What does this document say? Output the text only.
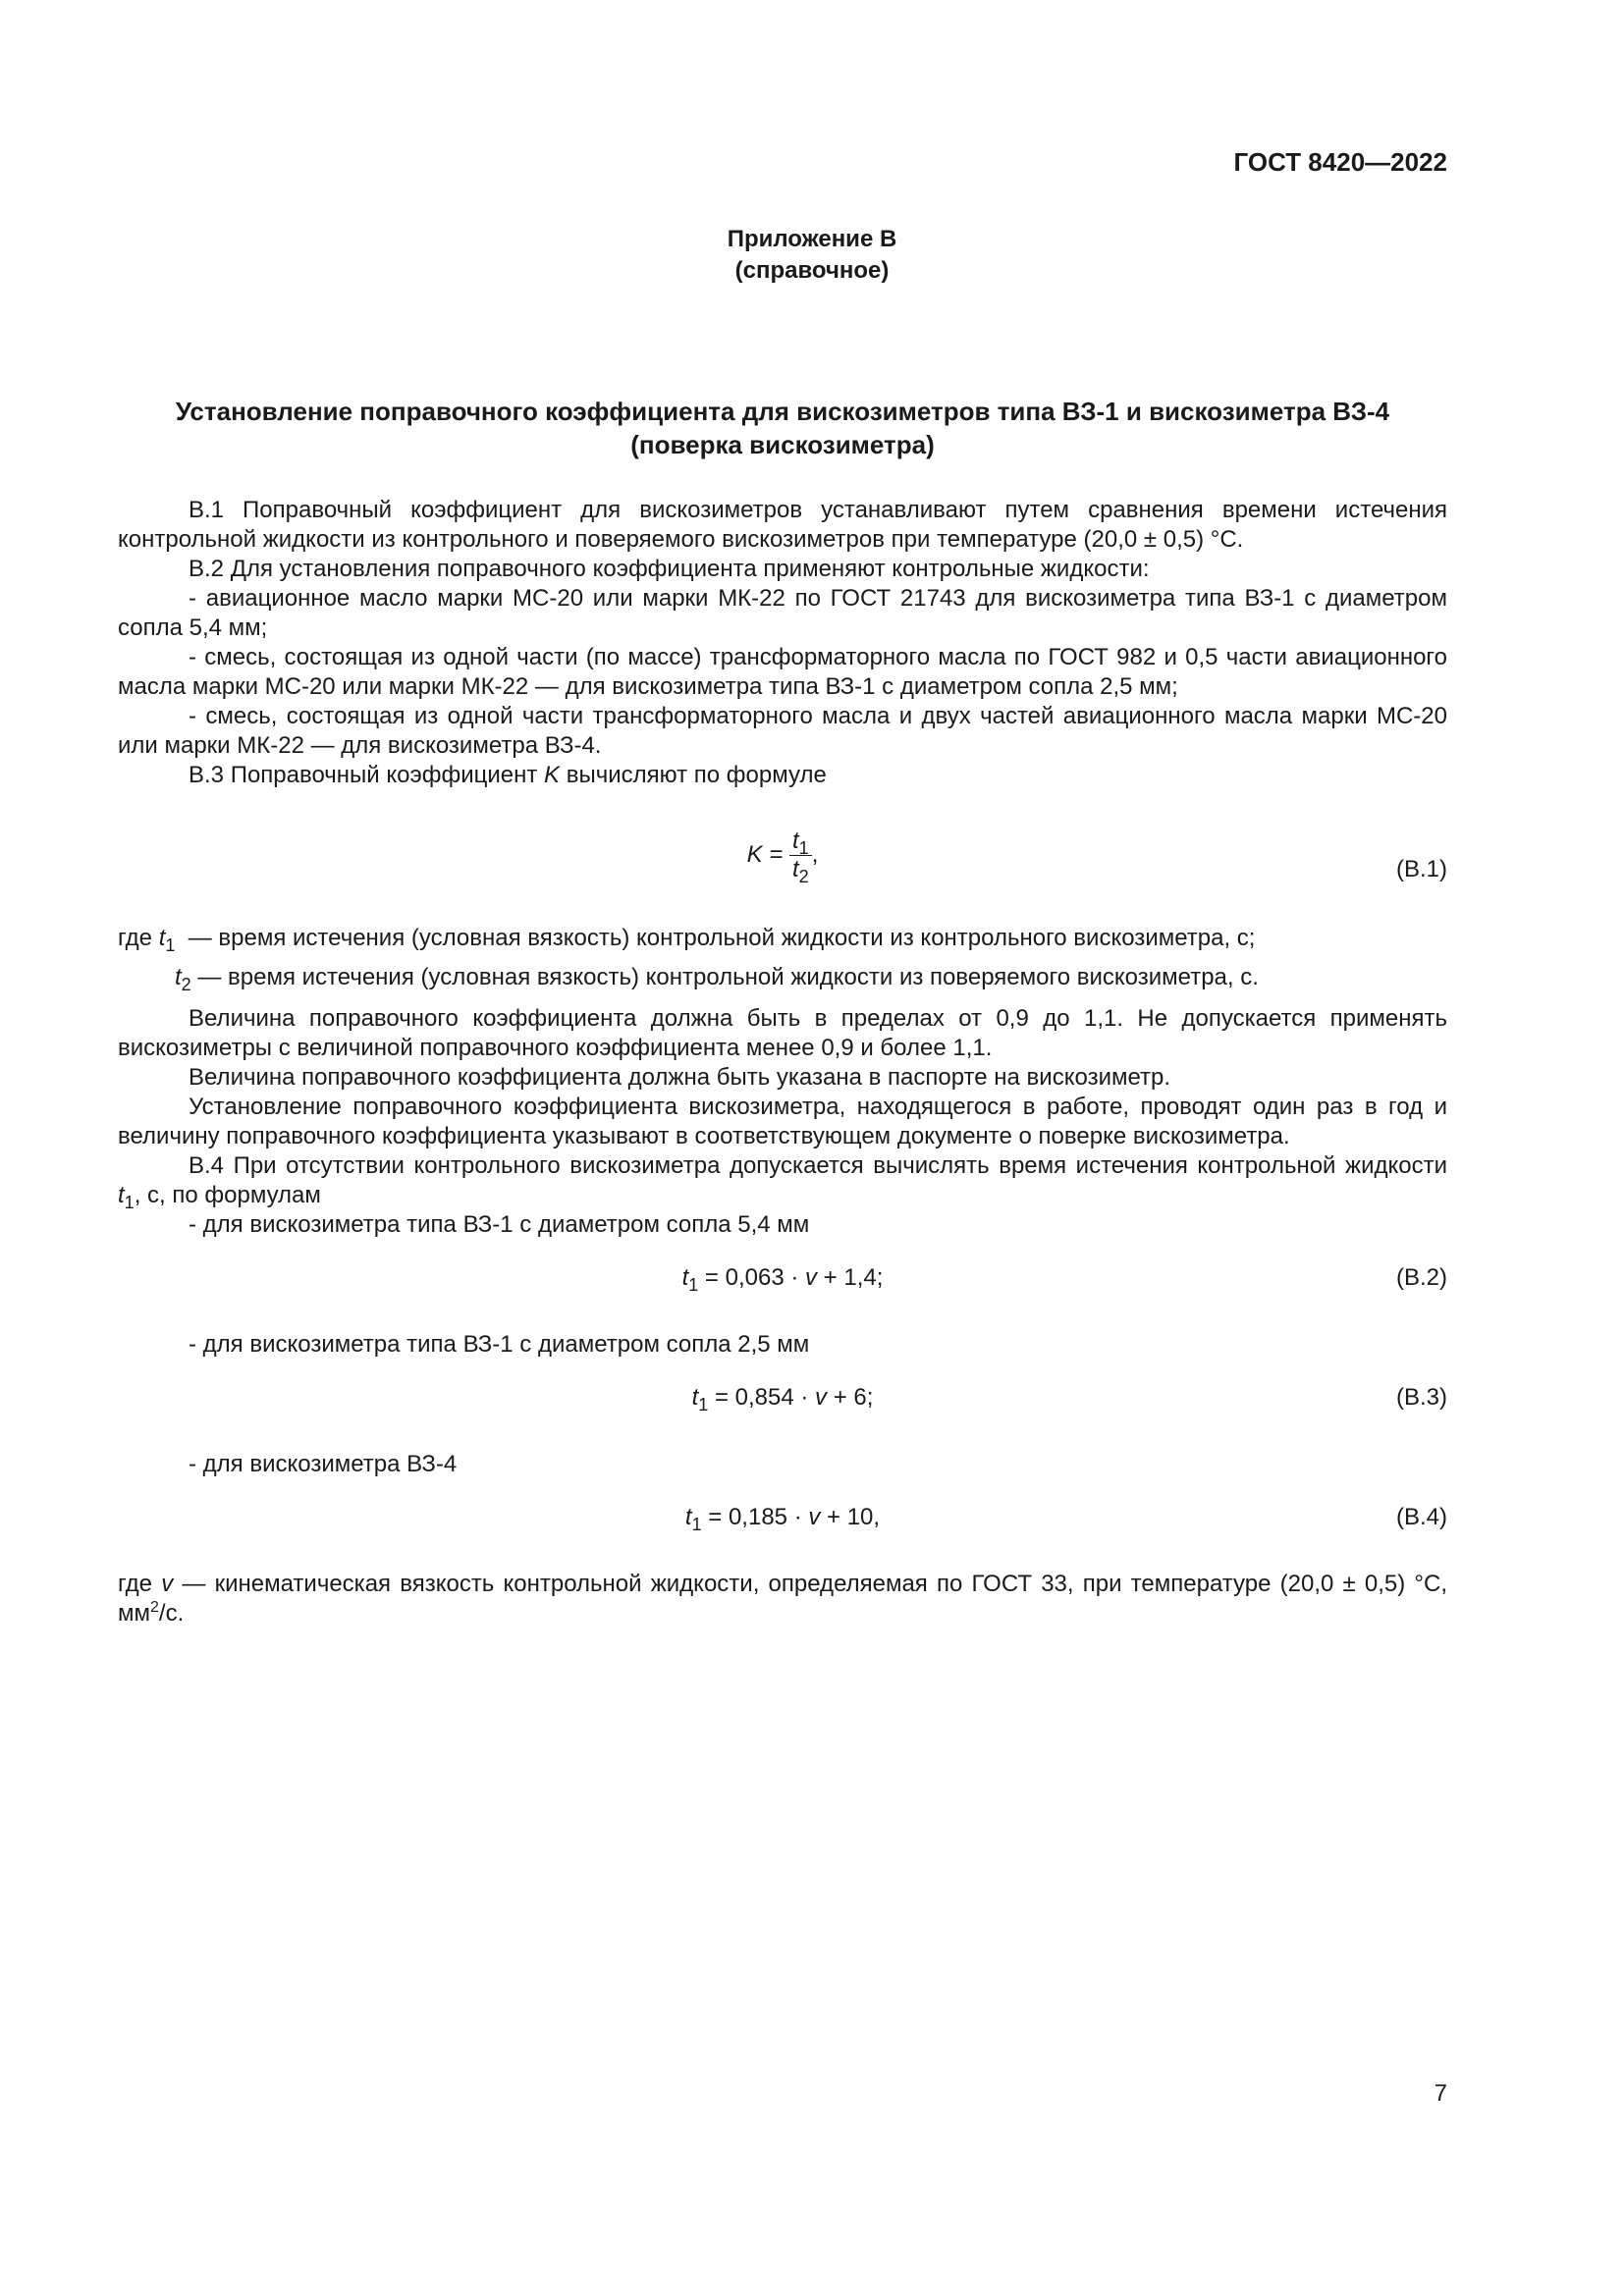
ГОСТ 8420—2022
Приложение В
(справочное)
Установление поправочного коэффициента для вискозиметров типа ВЗ-1 и вискозиметра ВЗ-4
(поверка вискозиметра)

В.1 Поправочный коэффициент для вискозиметров устанавливают путем сравнения времени истечения контрольной жидкости из контрольного и поверяемого вискозиметров при температуре (20,0 ± 0,5) °С.

В.2 Для установления поправочного коэффициента применяют контрольные жидкости:

- авиационное масло марки МС-20 или марки МК-22 по ГОСТ 21743 для вискозиметра типа ВЗ-1 с диаметром сопла 5,4 мм;

- смесь, состоящая из одной части (по массе) трансформаторного масла по ГОСТ 982 и 0,5 части авиационного масла марки МС-20 или марки МК-22 — для вискозиметра типа ВЗ-1 с диаметром сопла 2,5 мм;

- смесь, состоящая из одной части трансформаторного масла и двух частей авиационного масла марки МС-20 или марки МК-22 — для вискозиметра ВЗ-4.

В.3 Поправочный коэффициент K вычисляют по формуле

$K = \frac{t_1}{t_2}$ ,
(В.1)

где $t_1$ — время истечения (условная вязкость) контрольной жидкости из контрольного вискозиметра, с;

$t_2$ — время истечения (условная вязкость) контрольной жидкости из поверяемого вискозиметра, с.

Величина поправочного коэффициента должна быть в пределах от 0,9 до 1,1. Не допускается применять вискозиметры с величиной поправочного коэффициента менее 0,9 и более 1,1.

Величина поправочного коэффициента должна быть указана в паспорте на вискозиметр.

Установление поправочного коэффициента вискозиметра, находящегося в работе, проводят один раз в год и величину поправочного коэффициента указывают в соответствующем документе о поверке вискозиметра.

В.4 При отсутствии контрольного вискозиметра допускается вычислять время истечения контрольной жидкости $t_1$, с, по формулам

- для вискозиметра типа ВЗ-1 с диаметром сопла 5,4 мм

$t_1 = 0,063 \cdot v + 1,4$;	(В.2)

- для вискозиметра типа ВЗ-1 с диаметром сопла 2,5 мм

$t_1 = 0,854 \cdot v + 6$;	(В.3)

- для вискозиметра ВЗ-4

$t_1 = 0,185 \cdot v + 10$,	(В.4)

где v — кинематическая вязкость контрольной жидкости, определяемая по ГОСТ 33, при температуре (20,0 ± 0,5) °С, $мм^2/с$.

7
